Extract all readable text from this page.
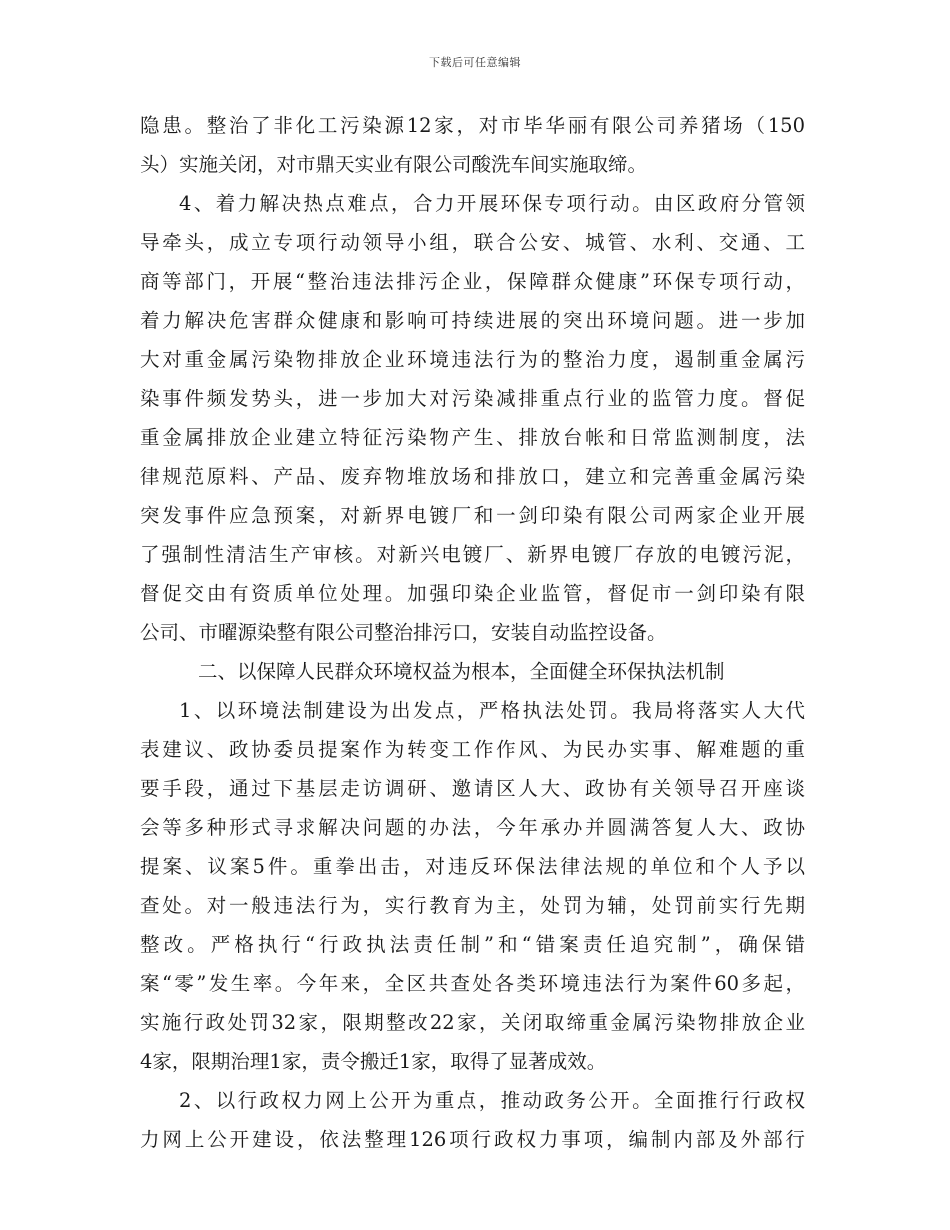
下载后可任意编辑
隐患。整治了非化工污染源12家，对市毕华丽有限公司养猪场（150
头）实施关闭，对市鼎天实业有限公司酸洗车间实施取缔。
4、着力解决热点难点，合力开展环保专项行动。由区政府分管领
导牵头，成立专项行动领导小组，联合公安、城管、水利、交通、工
商等部门，开展“整治违法排污企业，保障群众健康”环保专项行动，
着力解决危害群众健康和影响可持续进展的突出环境问题。进一步加
大对重金属污染物排放企业环境违法行为的整治力度，遏制重金属污
染事件频发势头，进一步加大对污染减排重点行业的监管力度。督促
重金属排放企业建立特征污染物产生、排放台帐和日常监测制度，法
律规范原料、产品、废弃物堆放场和排放口，建立和完善重金属污染
突发事件应急预案，对新界电镀厂和一剑印染有限公司两家企业开展
了强制性清洁生产审核。对新兴电镀厂、新界电镀厂存放的电镀污泥，
督促交由有资质单位处理。加强印染企业监管，督促市一剑印染有限
公司、市曜源染整有限公司整治排污口，安装自动监控设备。
二、以保障人民群众环境权益为根本，全面健全环保执法机制
1、以环境法制建设为出发点，严格执法处罚。我局将落实人大代
表建议、政协委员提案作为转变工作作风、为民办实事、解难题的重
要手段，通过下基层走访调研、邀请区人大、政协有关领导召开座谈
会等多种形式寻求解决问题的办法，今年承办并圆满答复人大、政协
提案、议案5件。重拳出击，对违反环保法律法规的单位和个人予以
查处。对一般违法行为，实行教育为主，处罚为辅，处罚前实行先期
整改。严格执行“行政执法责任制”和“错案责任追究制”，确保错
案“零”发生率。今年来，全区共查处各类环境违法行为案件60多起，
实施行政处罚32家，限期整改22家，关闭取缔重金属污染物排放企业
4家，限期治理1家，责令搬迁1家，取得了显著成效。
2、以行政权力网上公开为重点，推动政务公开。全面推行行政权
力网上公开建设，依法整理126项行政权力事项，编制内部及外部行
